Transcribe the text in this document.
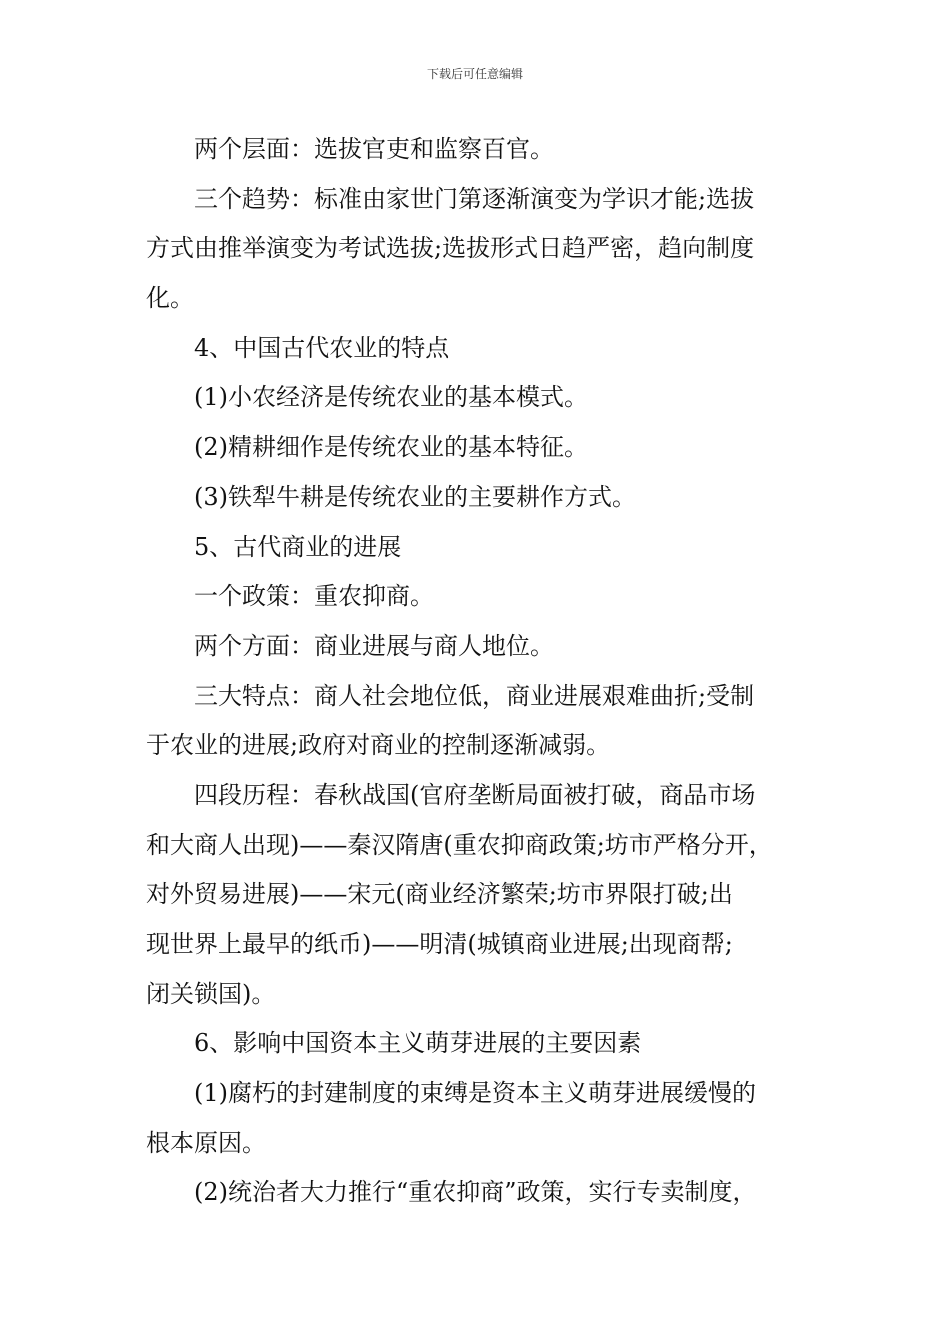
下载后可任意编辑
两个层面：选拔官吏和监察百官。
三个趋势：标准由家世门第逐渐演变为学识才能;选拔
方式由推举演变为考试选拔;选拔形式日趋严密，趋向制度
化。
4、中国古代农业的特点
(1)小农经济是传统农业的基本模式。
(2)精耕细作是传统农业的基本特征。
(3)铁犁牛耕是传统农业的主要耕作方式。
5、古代商业的进展
一个政策：重农抑商。
两个方面：商业进展与商人地位。
三大特点：商人社会地位低，商业进展艰难曲折;受制
于农业的进展;政府对商业的控制逐渐减弱。
四段历程：春秋战国(官府垄断局面被打破，商品市场
和大商人出现)——秦汉隋唐(重农抑商政策;坊市严格分开，
对外贸易进展)——宋元(商业经济繁荣;坊市界限打破;出
现世界上最早的纸币)——明清(城镇商业进展;出现商帮;
闭关锁国)。
6、影响中国资本主义萌芽进展的主要因素
(1)腐朽的封建制度的束缚是资本主义萌芽进展缓慢的
根本原因。
(2)统治者大力推行“重农抑商”政策，实行专卖制度，
